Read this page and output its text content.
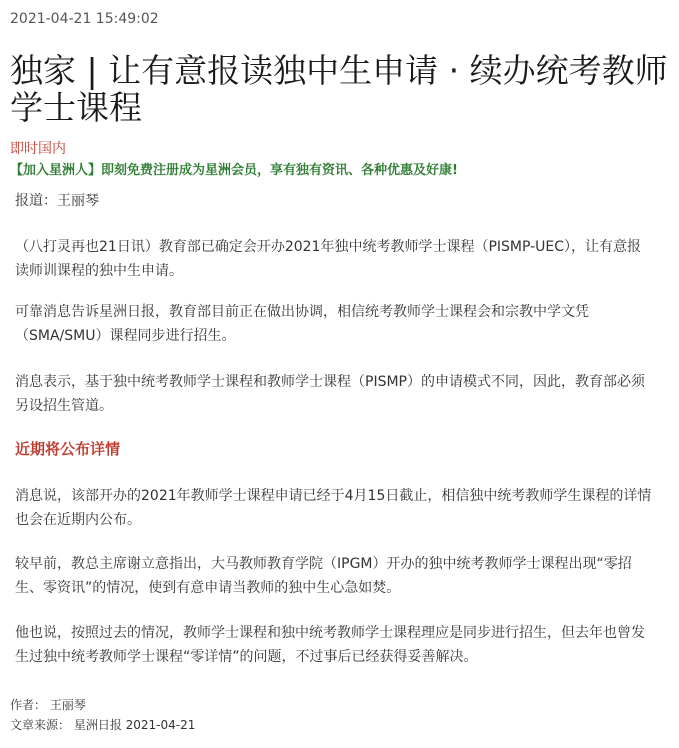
2021-04-21 15:49:02
独家 | 让有意报读独中生申请 · 续办统考教师学士课程
即时国内
【加入星洲人】即刻免费注册成为星洲会员，享有独有资讯、各种优惠及好康!

报道：王丽琴

（八打灵再也21日讯）教育部已确定会开办2021年独中统考教师学士课程（PISMP-UEC），让有意报读师训课程的独中生申请。

可靠消息告诉星洲日报，教育部目前正在做出协调，相信统考教师学士课程会和宗教中学文凭（SMA/SMU）课程同步进行招生。

消息表示，基于独中统考教师学士课程和教师学士课程（PISMP）的申请模式不同，因此，教育部必须另设招生管道。

近期将公布详情

消息说，该部开办的2021年教师学士课程申请已经于4月15日截止，相信独中统考教师学生课程的详情也会在近期内公布。

较早前，教总主席谢立意指出，大马教师教育学院（IPGM）开办的独中统考教师学士课程出现“零招生、零资讯”的情况，使到有意申请当教师的独中生心急如焚。

他也说，按照过去的情况，教师学士课程和独中统考教师学士课程理应是同步进行招生，但去年也曾发生过独中统考教师学士课程“零详情”的问题，不过事后已经获得妥善解决。

作者： 王丽琴
文章来源： 星洲日报 2021-04-21
